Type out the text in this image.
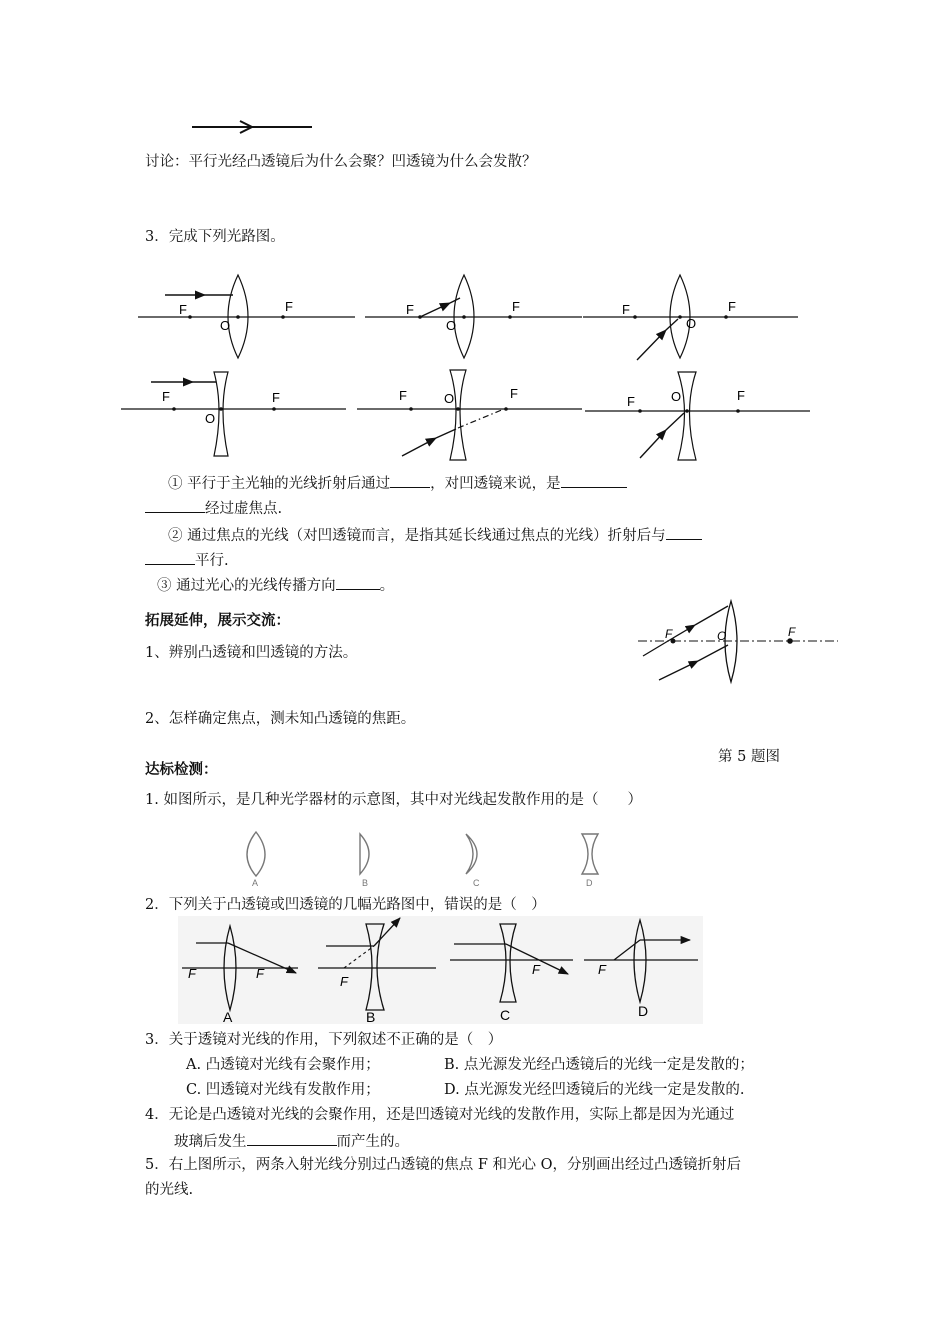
讨论：平行光经凸透镜后为什么会聚？凹透镜为什么会发散？
3．完成下列光路图。
F	F
O
F	F
O
F	F
O
F	F
O
F	F
O	F	F
O
① 平行于主光轴的光线折射后通过	，对凹透镜来说，是
经过虚焦点.
② 通过焦点的光线（对凹透镜而言，是指其延长线通过焦点的光线）折射后与
平行.
③ 通过光心的光线传播方向	。
拓展延伸，展示交流：
1、辨别凸透镜和凹透镜的方法。
2、怎样确定焦点，测未知凸透镜的焦距。
F	F
O
第 5 题图
达标检测：
1. 如图所示，是几种光学器材的示意图，其中对光线起发散作用的是（　　）
A	B	C	D
2．下列关于凸透镜或凹透镜的几幅光路图中，错误的是（　）
F	F
A
F
B
F
C
F
D
3．关于透镜对光线的作用，下列叙述不正确的是（　）
A. 凸透镜对光线有会聚作用；	B. 点光源发光经凸透镜后的光线一定是发散的；
C. 凹透镜对光线有发散作用；	D. 点光源发光经凹透镜后的光线一定是发散的.
4．无论是凸透镜对光线的会聚作用，还是凹透镜对光线的发散作用，实际上都是因为光通过
玻璃后发生	而产生的。
5．右上图所示，两条入射光线分别过凸透镜的焦点 F 和光心 O，分别画出经过凸透镜折射后
的光线.
